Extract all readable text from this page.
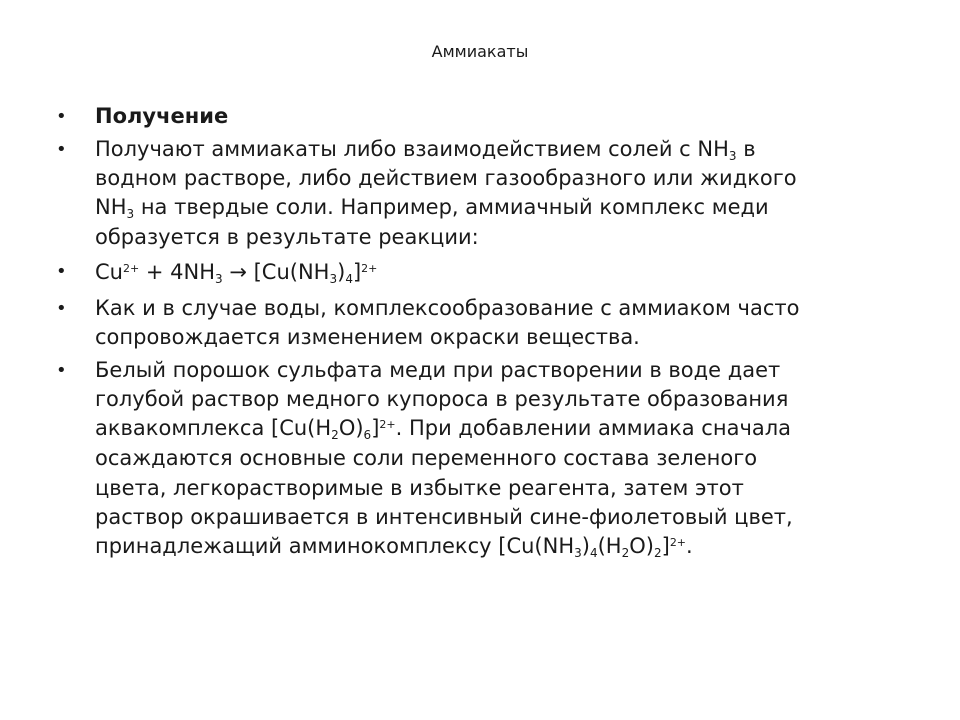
Аммиакаты
•	Получение
•	Получают аммиакаты либо взаимодействием солей с $NH_3$ в
водном растворе, либо действием газообразного или жидкого
$NH_3$ на твердые соли. Например, аммиачный комплекс меди
образуется в результате реакции:
•	$Cu^{2+} + 4NH_3 \to [Cu(NH_3)_4]^{2+}$
•	Как и в случае воды, комплексообразование с аммиаком часто
сопровождается изменением окраски вещества.
•	Белый порошок сульфата меди при растворении в воде дает
голубой раствор медного купороса в результате образования
аквакомплекса $[Cu(H_2O)_6]^{2+}$. При добавлении аммиака сначала
осаждаются основные соли переменного состава зеленого
цвета, легкорастворимые в избытке реагента, затем этот
раствор окрашивается в интенсивный сине-фиолетовый цвет,
принадлежащий амминокомплексу $[Cu(NH_3)_4(H_2O)_2]^{2+}$.
